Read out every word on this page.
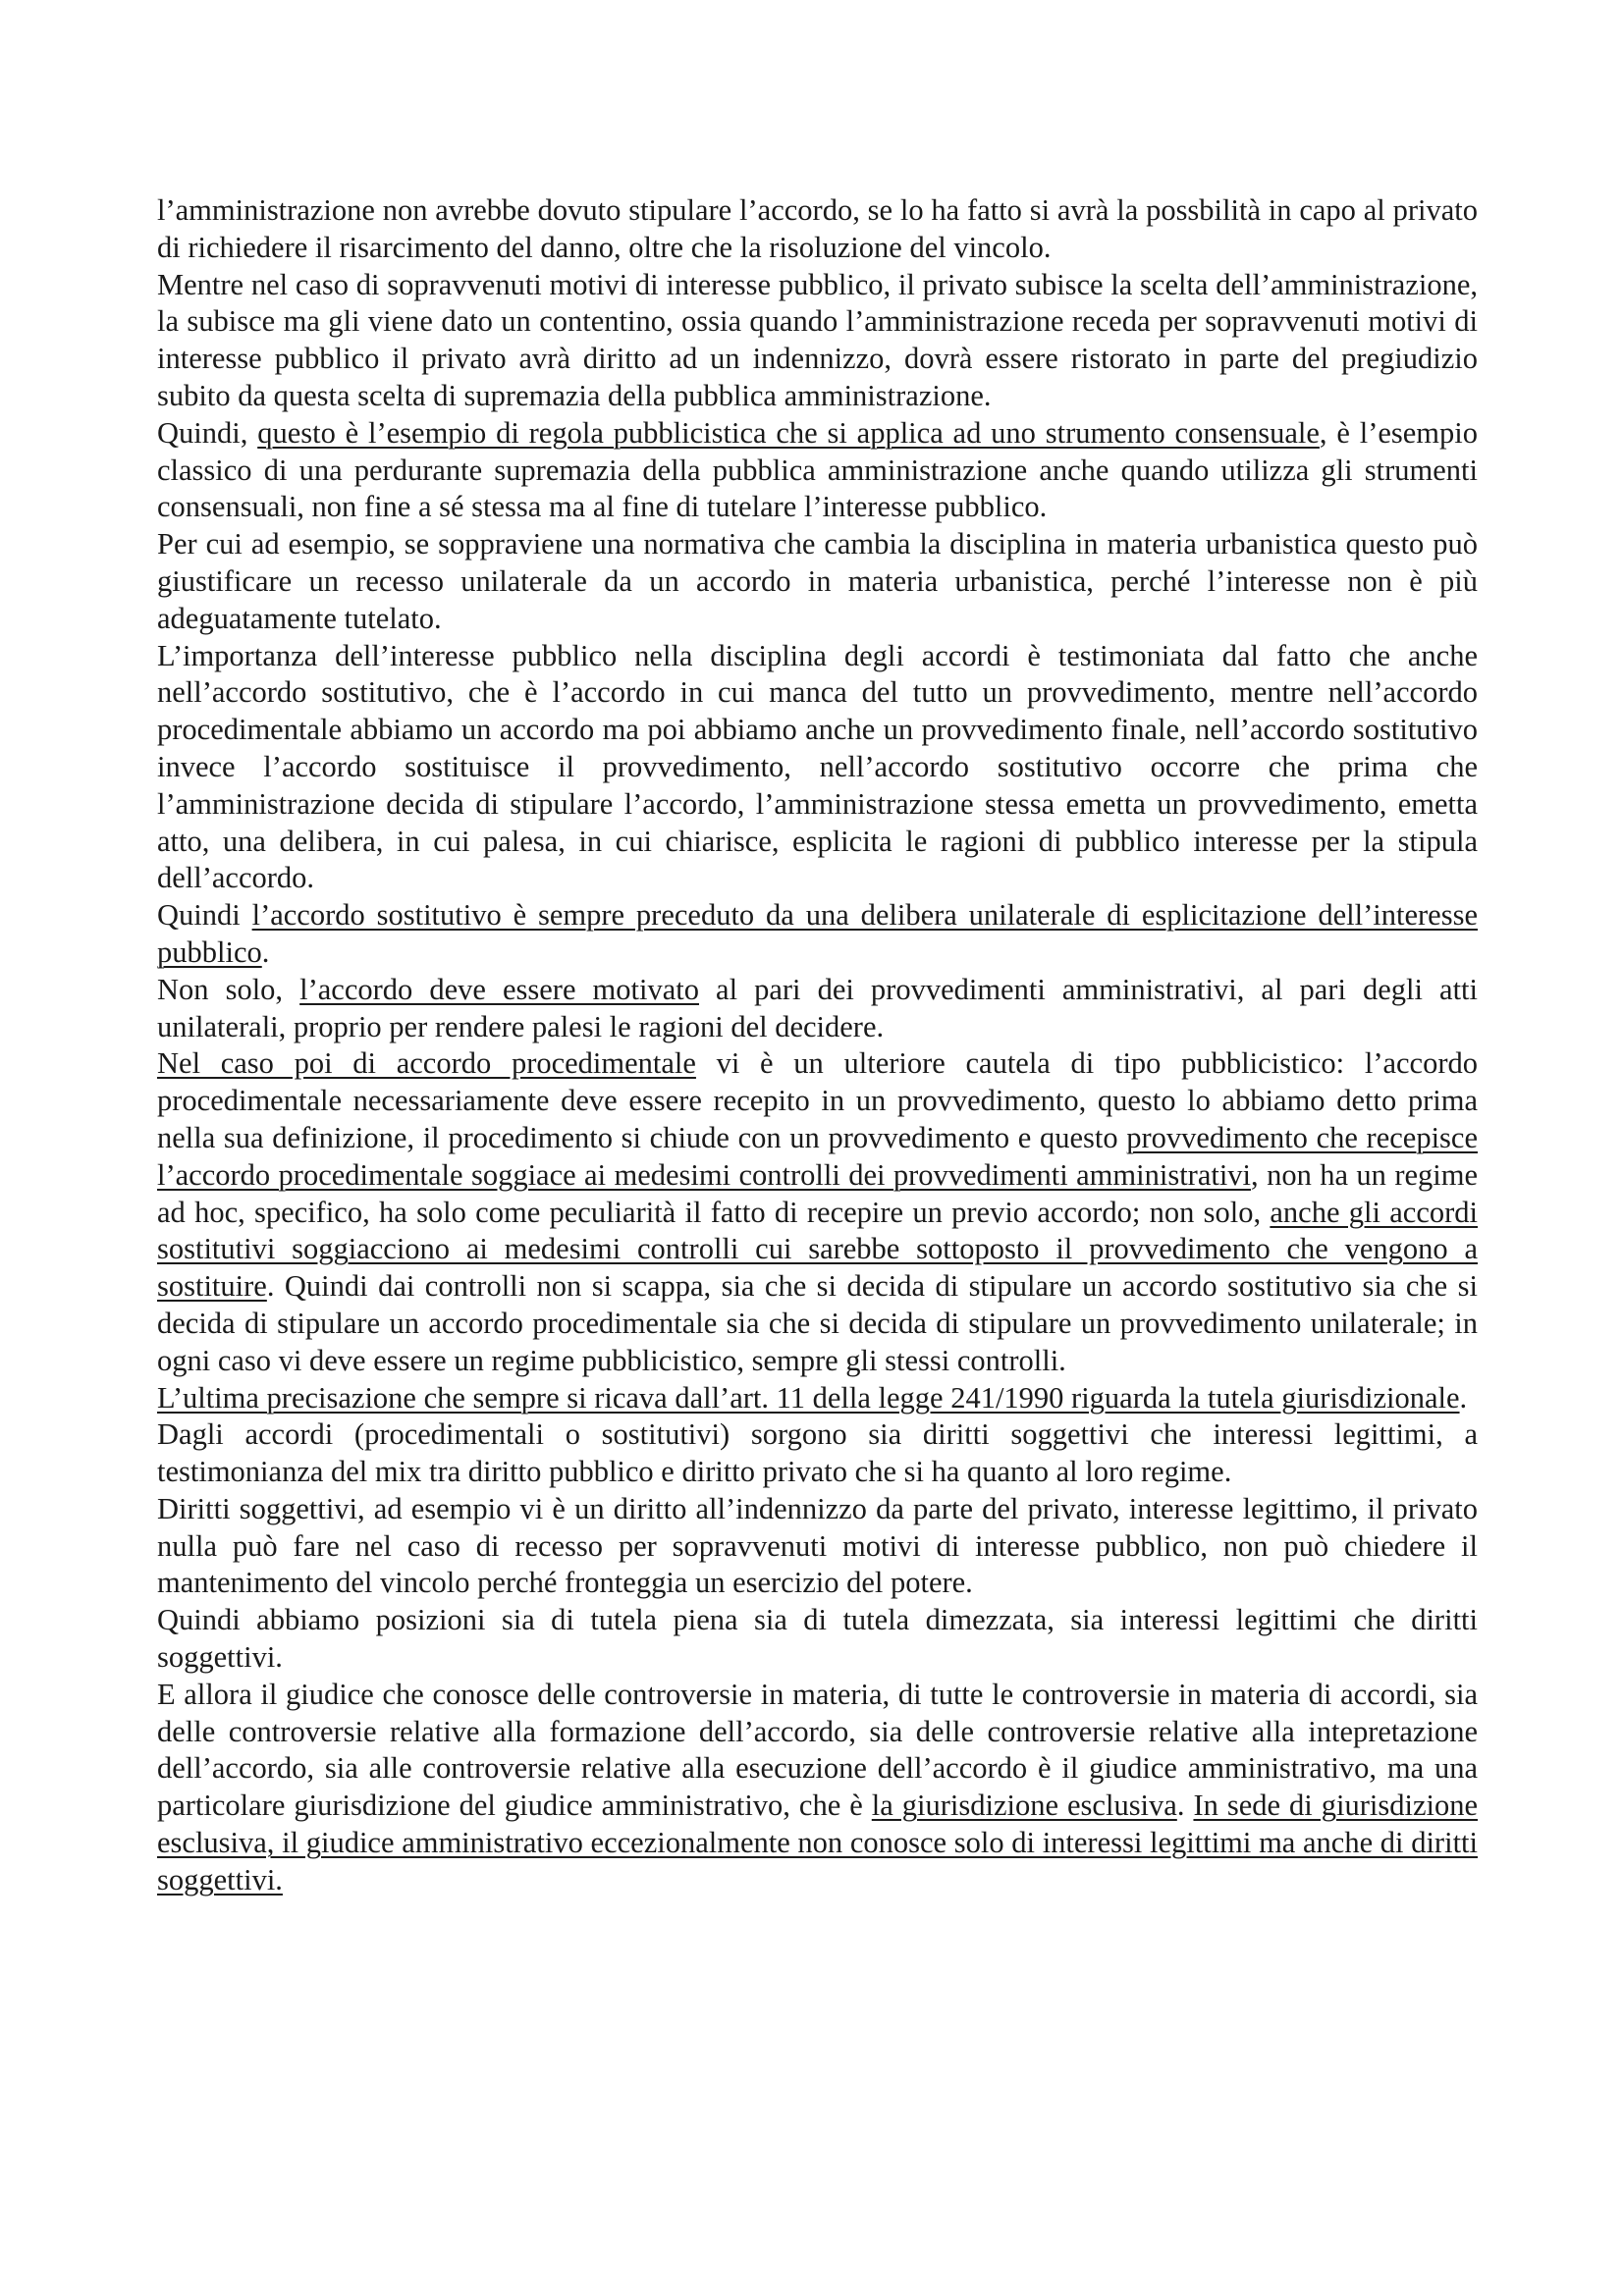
l’amministrazione non avrebbe dovuto stipulare l’accordo, se lo ha fatto si avrà la possbilità in capo al privato di richiedere il risarcimento del danno, oltre che la risoluzione del vincolo.

Mentre nel caso di sopravvenuti motivi di interesse pubblico, il privato subisce la scelta dell’amministrazione, la subisce ma gli viene dato un contentino, ossia quando l’amministrazione receda per sopravvenuti motivi di interesse pubblico il privato avrà diritto ad un indennizzo, dovrà essere ristorato in parte del pregiudizio subito da questa scelta di supremazia della pubblica amministrazione.

Quindi, questo è l’esempio di regola pubblicistica che si applica ad uno strumento consensuale, è l’esempio classico di una perdurante supremazia della pubblica amministrazione anche quando utilizza gli strumenti consensuali, non fine a sé stessa ma al fine di tutelare l’interesse pubblico.

Per cui ad esempio, se soppraviene una normativa che cambia la disciplina in materia urbanistica questo può giustificare un recesso unilaterale da un accordo in materia urbanistica, perché l’interesse non è più adeguatamente tutelato.

L’importanza dell’interesse pubblico nella disciplina degli accordi è testimoniata dal fatto che anche nell’accordo sostitutivo, che è l’accordo in cui manca del tutto un provvedimento, mentre nell’accordo procedimentale abbiamo un accordo ma poi abbiamo anche un provvedimento finale, nell’accordo sostitutivo invece l’accordo sostituisce il provvedimento, nell’accordo sostitutivo occorre che prima che l’amministrazione decida di stipulare l’accordo, l’amministrazione stessa emetta un provvedimento, emetta atto, una delibera, in cui palesa, in cui chiarisce, esplicita le ragioni di pubblico interesse per la stipula dell’accordo.

Quindi l’accordo sostitutivo è sempre preceduto da una delibera unilaterale di esplicitazione dell’interesse pubblico.

Non solo, l’accordo deve essere motivato al pari dei provvedimenti amministrativi, al pari degli atti unilaterali, proprio per rendere palesi le ragioni del decidere.

Nel caso poi di accordo procedimentale vi è un ulteriore cautela di tipo pubblicistico: l’accordo procedimentale necessariamente deve essere recepito in un provvedimento, questo lo abbiamo detto prima nella sua definizione, il procedimento si chiude con un provvedimento e questo provvedimento che recepisce l’accordo procedimentale soggiace ai medesimi controlli dei provvedimenti amministrativi, non ha un regime ad hoc, specifico, ha solo come peculiarità il fatto di recepire un previo accordo; non solo, anche gli accordi sostitutivi soggiacciono ai medesimi controlli cui sarebbe sottoposto il provvedimento che vengono a sostituire. Quindi dai controlli non si scappa, sia che si decida di stipulare un accordo sostitutivo sia che si decida di stipulare un accordo procedimentale sia che si decida di stipulare un provvedimento unilaterale; in ogni caso vi deve essere un regime pubblicistico, sempre gli stessi controlli.

L’ultima precisazione che sempre si ricava dall’art. 11 della legge 241/1990 riguarda la tutela giurisdizionale.

Dagli accordi (procedimentali o sostitutivi) sorgono sia diritti soggettivi che interessi legittimi, a testimonianza del mix tra diritto pubblico e diritto privato che si ha quanto al loro regime.

Diritti soggettivi, ad esempio vi è un diritto all’indennizzo da parte del privato, interesse legittimo, il privato nulla può fare nel caso di recesso per sopravvenuti motivi di interesse pubblico, non può chiedere il mantenimento del vincolo perché fronteggia un esercizio del potere.

Quindi abbiamo posizioni sia di tutela piena sia di tutela dimezzata, sia interessi legittimi che diritti soggettivi.

E allora il giudice che conosce delle controversie in materia, di tutte le controversie in materia di accordi, sia delle controversie relative alla formazione dell’accordo, sia delle controversie relative alla intepretazione dell’accordo, sia alle controversie relative alla esecuzione dell’accordo è il giudice amministrativo, ma una particolare giurisdizione del giudice amministrativo, che è la giurisdizione esclusiva. In sede di giurisdizione esclusiva, il giudice amministrativo eccezionalmente non conosce solo di interessi legittimi ma anche di diritti soggettivi.
